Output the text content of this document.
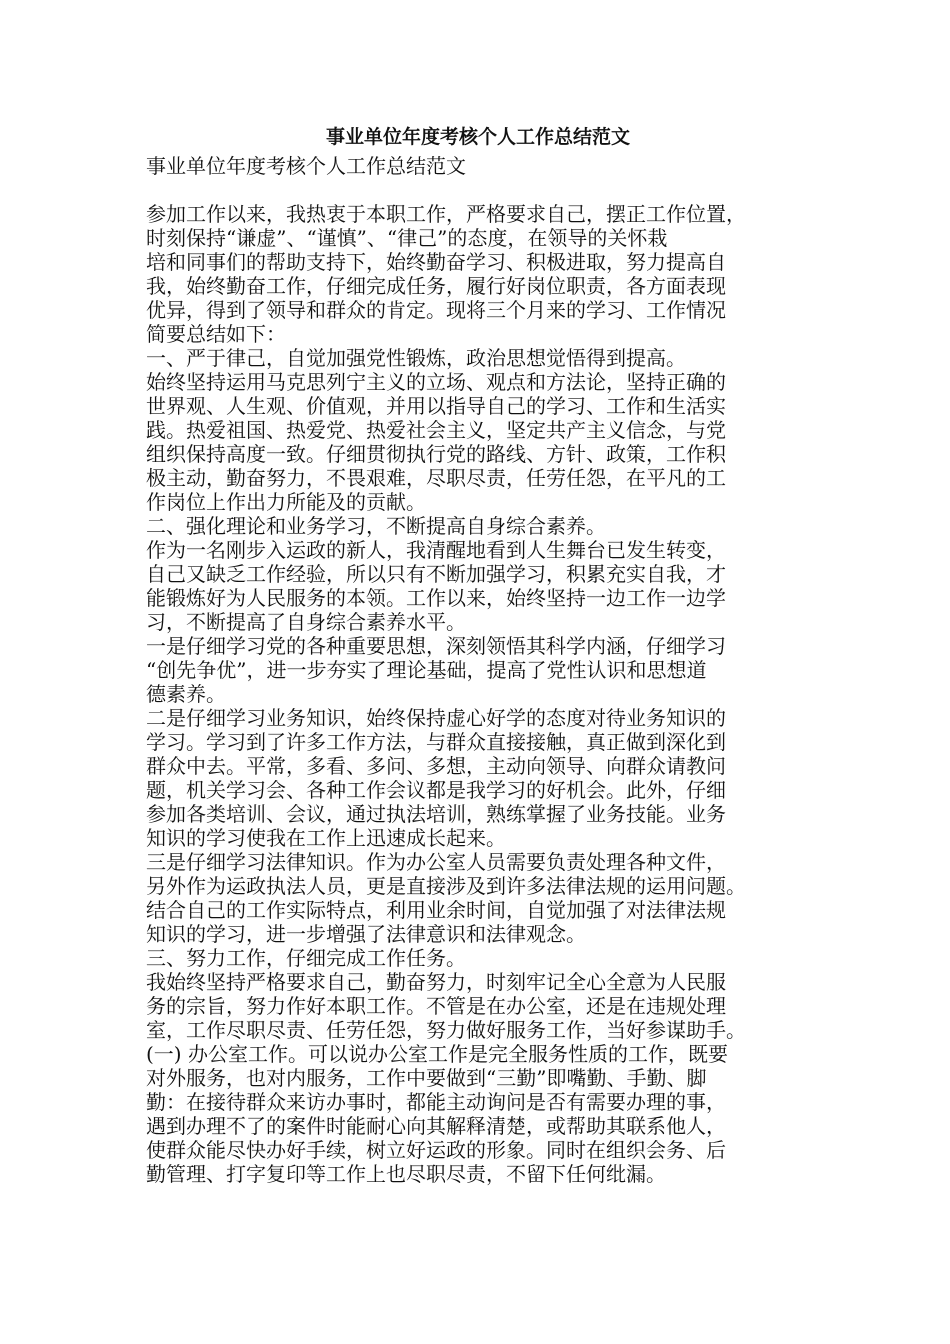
事业单位年度考核个人工作总结范文
事业单位年度考核个人工作总结范文
参加工作以来，我热衷于本职工作，严格要求自己，摆正工作位置，
时刻保持“谦虚”、“谨慎”、“律己”的态度，在领导的关怀栽
培和同事们的帮助支持下，始终勤奋学习、积极进取，努力提高自
我，始终勤奋工作，仔细完成任务，履行好岗位职责，各方面表现
优异，得到了领导和群众的肯定。现将三个月来的学习、工作情况
简要总结如下：
一、严于律己，自觉加强党性锻炼，政治思想觉悟得到提高。
始终坚持运用马克思列宁主义的立场、观点和方法论，坚持正确的
世界观、人生观、价值观，并用以指导自己的学习、工作和生活实
践。热爱祖国、热爱党、热爱社会主义，坚定共产主义信念，与党
组织保持高度一致。仔细贯彻执行党的路线、方针、政策，工作积
极主动，勤奋努力，不畏艰难，尽职尽责，任劳任怨，在平凡的工
作岗位上作出力所能及的贡献。
二、强化理论和业务学习，不断提高自身综合素养。
作为一名刚步入运政的新人，我清醒地看到人生舞台已发生转变，
自己又缺乏工作经验，所以只有不断加强学习，积累充实自我，才
能锻炼好为人民服务的本领。工作以来，始终坚持一边工作一边学
习，不断提高了自身综合素养水平。
一是仔细学习党的各种重要思想，深刻领悟其科学内涵，仔细学习
“创先争优”，进一步夯实了理论基础，提高了党性认识和思想道
德素养。
二是仔细学习业务知识，始终保持虚心好学的态度对待业务知识的
学习。学习到了许多工作方法，与群众直接接触，真正做到深化到
群众中去。平常，多看、多问、多想，主动向领导、向群众请教问
题，机关学习会、各种工作会议都是我学习的好机会。此外，仔细
参加各类培训、会议，通过执法培训，熟练掌握了业务技能。业务
知识的学习使我在工作上迅速成长起来。
三是仔细学习法律知识。作为办公室人员需要负责处理各种文件，
另外作为运政执法人员，更是直接涉及到许多法律法规的运用问题。
结合自己的工作实际特点，利用业余时间，自觉加强了对法律法规
知识的学习，进一步增强了法律意识和法律观念。
三、努力工作，仔细完成工作任务。
我始终坚持严格要求自己，勤奋努力，时刻牢记全心全意为人民服
务的宗旨，努力作好本职工作。不管是在办公室，还是在违规处理
室，工作尽职尽责、任劳任怨，努力做好服务工作，当好参谋助手。
(一) 办公室工作。可以说办公室工作是完全服务性质的工作，既要
对外服务，也对内服务，工作中要做到“三勤”即嘴勤、手勤、脚
勤：在接待群众来访办事时，都能主动询问是否有需要办理的事，
遇到办理不了的案件时能耐心向其解释清楚，或帮助其联系他人，
使群众能尽快办好手续，树立好运政的形象。同时在组织会务、后
勤管理、打字复印等工作上也尽职尽责，不留下任何纰漏。
